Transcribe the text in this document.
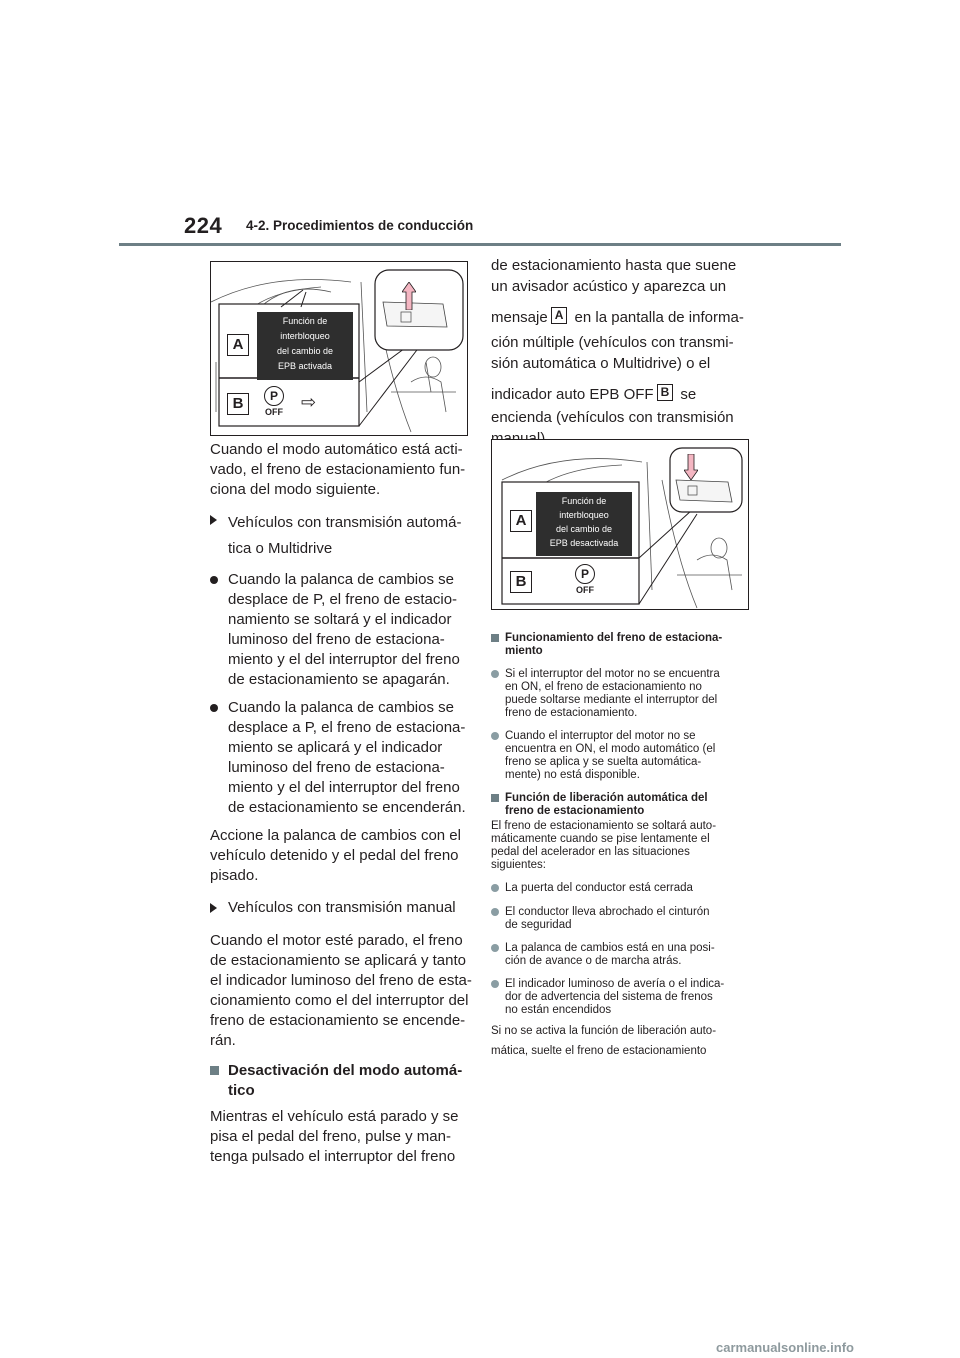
224 4-2. Procedimientos de conducción
A
B
Función de
interbloqueo
del cambio de
EPB activada
P
OFF ⇨

Cuando el modo automático está acti-
vado, el freno de estacionamiento fun-
ciona del modo siguiente.

Vehículos con transmisión automá-
tica o Multidrive
Cuando la palanca de cambios se
desplace de P, el freno de estacio-
namiento se soltará y el indicador
luminoso del freno de estaciona-
miento y el del interruptor del freno
de estacionamiento se apagarán.
Cuando la palanca de cambios se
desplace a P, el freno de estaciona-
miento se aplicará y el indicador
luminoso del freno de estaciona-
miento y el del interruptor del freno
de estacionamiento se encenderán.

Accione la palanca de cambios con el
vehículo detenido y el pedal del freno
pisado.

Vehículos con transmisión manual

Cuando el motor esté parado, el freno
de estacionamiento se aplicará y tanto
el indicador luminoso del freno de esta-
cionamiento como el del interruptor del
freno de estacionamiento se encende-
rán.

Desactivación del modo automá-
tico

Mientras el vehículo está parado y se
pisa el pedal del freno, pulse y man-
tenga pulsado el interruptor del freno

de estacionamiento hasta que suene
un avisador acústico y aparezca un
mensaje A en la pantalla de informa-
ción múltiple (vehículos con transmi-
sión automática o Multidrive) o el
indicador auto EPB OFF B se
encienda (vehículos con transmisión

A
B
Función de
interbloqueo
del cambio de
EPB desactivada
P
OFF
Funcionamiento del freno de estaciona-
miento
Si el interruptor del motor no se encuentra
en ON, el freno de estacionamiento no
puede soltarse mediante el interruptor del
freno de estacionamiento.
Cuando el interruptor del motor no se
encuentra en ON, el modo automático (el
freno se aplica y se suelta automática-
mente) no está disponible.
Función de liberación automática del
freno de estacionamiento
El freno de estacionamiento se soltará auto-
máticamente cuando se pise lentamente el
pedal del acelerador en las situaciones
siguientes:
La puerta del conductor está cerrada
El conductor lleva abrochado el cinturón
de seguridad
La palanca de cambios está en una posi-
ción de avance o de marcha atrás.
El indicador luminoso de avería o el indica-
dor de advertencia del sistema de frenos
no están encendidos
Si no se activa la función de liberación auto-
mática, suelte el freno de estacionamiento
carmanualsonline.info
